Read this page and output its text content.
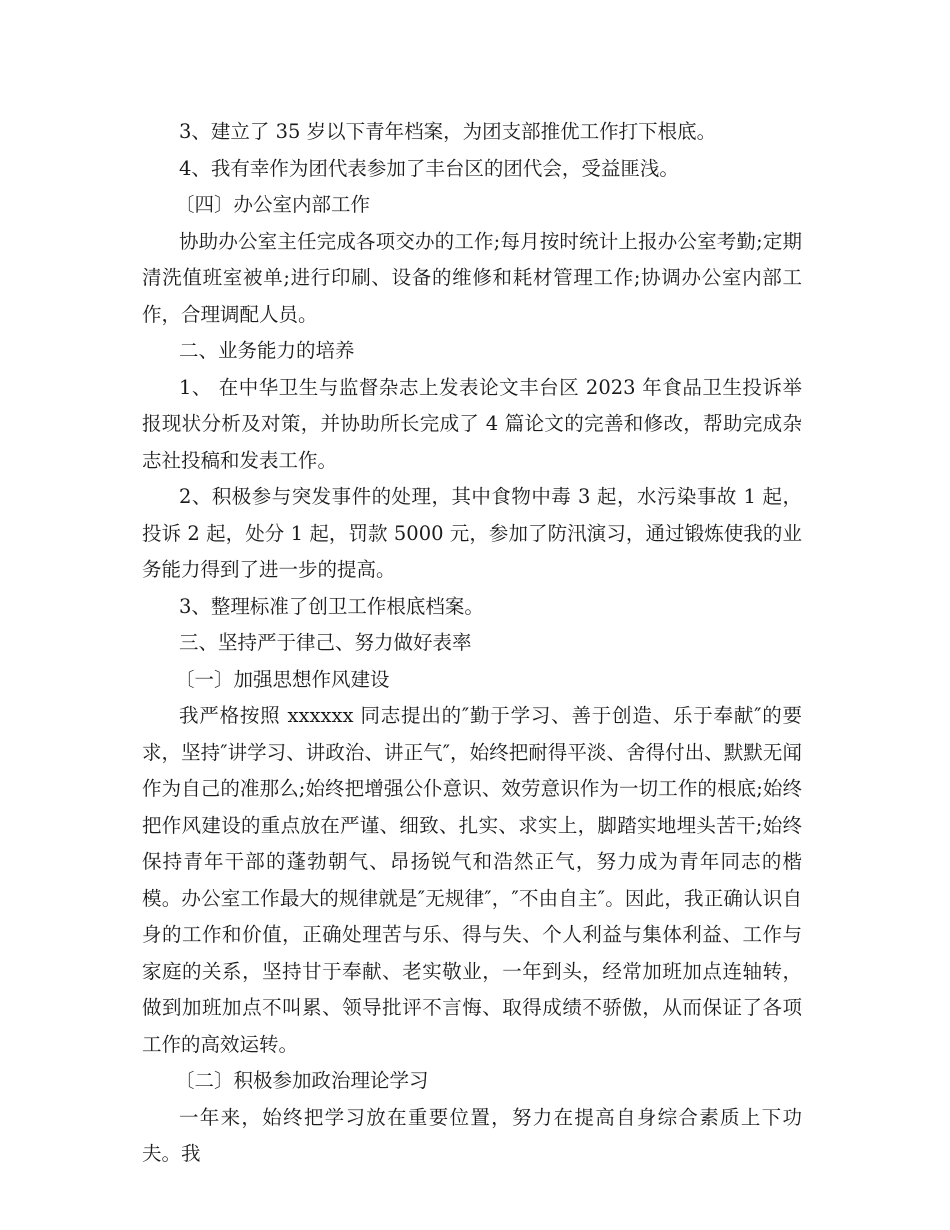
3、建立了 35 岁以下青年档案，为团支部推优工作打下根底。

4、我有幸作为团代表参加了丰台区的团代会，受益匪浅。

〔四〕办公室内部工作

协助办公室主任完成各项交办的工作;每月按时统计上报办公室考勤;定期清洗值班室被单;进行印刷、设备的维修和耗材管理工作;协调办公室内部工作，合理调配人员。

二、业务能力的培养

1、 在中华卫生与监督杂志上发表论文丰台区 2023 年食品卫生投诉举报现状分析及对策，并协助所长完成了 4 篇论文的完善和修改，帮助完成杂志社投稿和发表工作。

2、积极参与突发事件的处理，其中食物中毒 3 起，水污染事故 1 起，投诉 2 起，处分 1 起，罚款 5000 元，参加了防汛演习，通过锻炼使我的业务能力得到了进一步的提高。

3、整理标准了创卫工作根底档案。

三、坚持严于律己、努力做好表率

〔一〕加强思想作风建设

我严格按照 xxxxxx 同志提出的″勤于学习、善于创造、乐于奉献″的要求，坚持″讲学习、讲政治、讲正气″，始终把耐得平淡、舍得付出、默默无闻作为自己的准那么;始终把增强公仆意识、效劳意识作为一切工作的根底;始终把作风建设的重点放在严谨、细致、扎实、求实上，脚踏实地埋头苦干;始终保持青年干部的蓬勃朝气、昂扬锐气和浩然正气，努力成为青年同志的楷模。办公室工作最大的规律就是″无规律″，″不由自主″。因此，我正确认识自身的工作和价值，正确处理苦与乐、得与失、个人利益与集体利益、工作与家庭的关系，坚持甘于奉献、老实敬业，一年到头，经常加班加点连轴转，做到加班加点不叫累、领导批评不言悔、取得成绩不骄傲，从而保证了各项工作的高效运转。

〔二〕积极参加政治理论学习

一年来，始终把学习放在重要位置，努力在提高自身综合素质上下功夫。我
